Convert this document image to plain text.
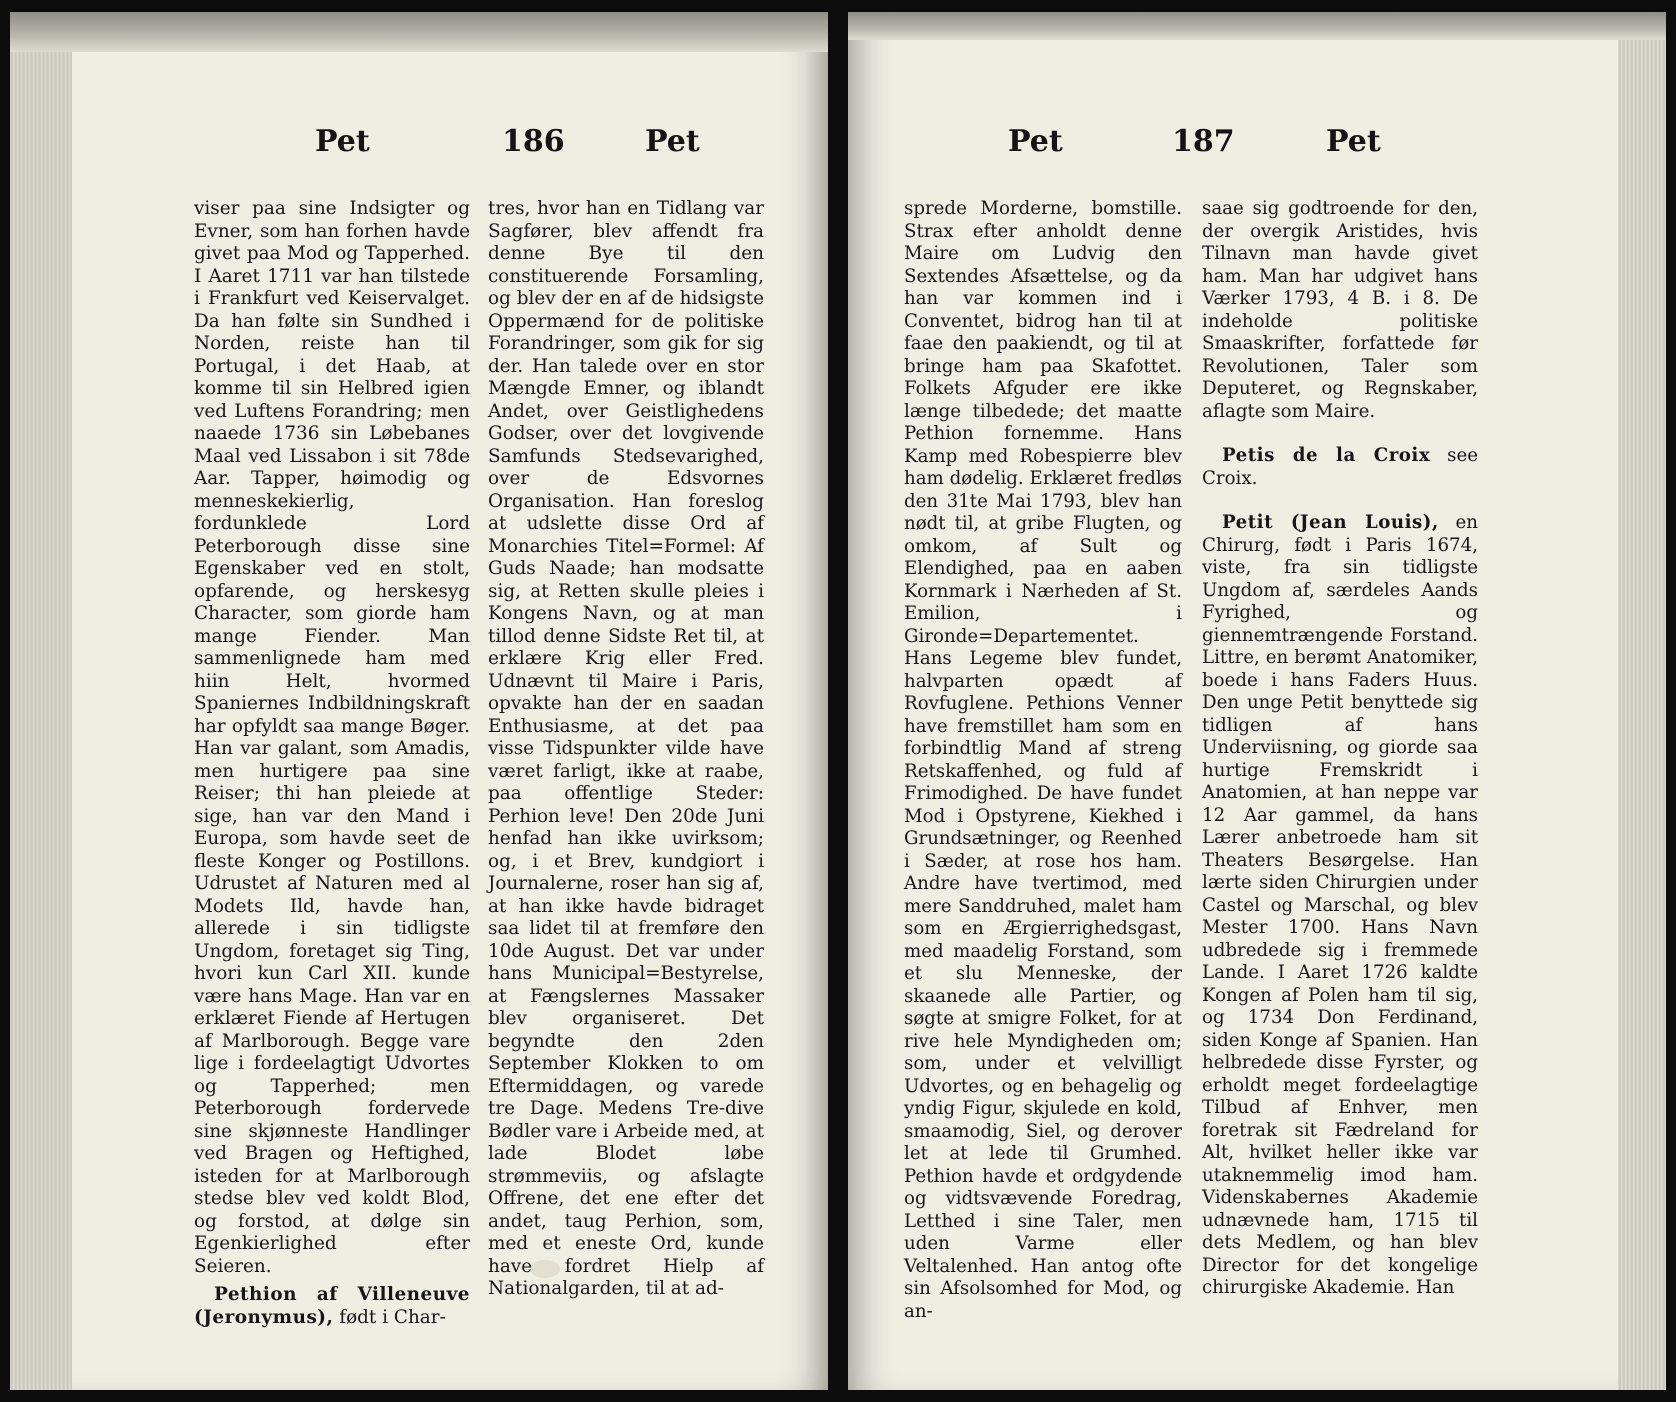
Pet	186	Pet

viser paa sine Indsigter og Evner, som han forhen havde givet paa Mod og Tapperhed. I Aaret 1711 var han tilstede i Frankfurt ved Keiservalget. Da han følte sin Sundhed i Norden, reiste han til Portugal, i det Haab, at komme til sin Helbred igien ved Luftens Forandring; men naaede 1736 sin Løbebanes Maal ved Lissabon i sit 78de Aar. Tapper, høimodig og menneskekierlig, fordunklede Lord Peterborough disse sine Egenskaber ved en stolt, opfarende, og herskesyg Character, som giorde ham mange Fiender. Man sammenlignede ham med hiin Helt, hvormed Spaniernes Indbildningskraft har opfyldt saa mange Bøger. Han var galant, som Amadis, men hurtigere paa sine Reiser; thi han pleiede at sige, han var den Mand i Europa, som havde seet de fleste Konger og Postillons. Udrustet af Naturen med al Modets Ild, havde han, allerede i sin tidligste Ungdom, foretaget sig Ting, hvori kun Carl XII. kunde være hans Mage. Han var en erklæret Fiende af Hertugen af Marlborough. Begge vare lige i fordeelagtigt Udvortes og Tapperhed; men Peterborough fordervede sine skjønneste Handlinger ved Bragen og Heftighed, isteden for at Marlborough stedse blev ved koldt Blod, og forstod, at dølge sin Egenkierlighed efter Seieren.

Pethion af Villeneuve (Jeronymus), født i Char-

tres, hvor han en Tidlang var Sagfører, blev affendt fra denne Bye til den constituerende Forsamling, og blev der en af de hidsigste Oppermænd for de politiske Forandringer, som gik for sig der. Han talede over en stor Mængde Emner, og iblandt Andet, over Geistlighedens Godser, over det lovgivende Samfunds Stedsevarighed, over de Edsvornes Organisation. Han foreslog at udslette disse Ord af Monarchies Titel=Formel: Af Guds Naade; han modsatte sig, at Retten skulle pleies i Kongens Navn, og at man tillod denne Sidste Ret til, at erklære Krig eller Fred. Udnævnt til Maire i Paris, opvakte han der en saadan Enthusiasme, at det paa visse Tidspunkter vilde have været farligt, ikke at raabe, paa offentlige Steder: Perhion leve! Den 20de Juni henfad han ikke uvirksom; og, i et Brev, kundgiort i Journalerne, roser han sig af, at han ikke havde bidraget saa lidet til at fremføre den 10de August. Det var under hans Municipal=Bestyrelse, at Fængslernes Massaker blev organiseret. Det begyndte den 2den September Klokken to om Eftermiddagen, og varede tre Dage. Medens Tre-dive Bødler vare i Arbeide med, at lade Blodet løbe strømmeviis, og afslagte Offrene, det ene efter det andet, taug Perhion, som, med et eneste Ord, kunde have fordret Hielp af Nationalgarden, til at ad-

Pet	187	Pet

sprede Morderne, bomstille. Strax efter anholdt denne Maire om Ludvig den Sextendes Afsættelse, og da han var kommen ind i Conventet, bidrog han til at faae den paakiendt, og til at bringe ham paa Skafottet. Folkets Afguder ere ikke længe tilbedede; det maatte Pethion fornemme. Hans Kamp med Robespierre blev ham dødelig. Erklæret fredløs den 31te Mai 1793, blev han nødt til, at gribe Flugten, og omkom, af Sult og Elendighed, paa en aaben Kornmark i Nærheden af St. Emilion, i Gironde=Departementet. Hans Legeme blev fundet, halvparten opædt af Rovfuglene. Pethions Venner have fremstillet ham som en forbindtlig Mand af streng Retskaffenhed, og fuld af Frimodighed. De have fundet Mod i Opstyrene, Kiekhed i Grundsætninger, og Reenhed i Sæder, at rose hos ham. Andre have tvertimod, med mere Sanddruhed, malet ham som en Ærgierrighedsgast, med maadelig Forstand, som et slu Menneske, der skaanede alle Partier, og søgte at smigre Folket, for at rive hele Myndigheden om; som, under et velvilligt Udvortes, og en behagelig og yndig Figur, skjulede en kold, smaamodig, Siel, og derover let at lede til Grumhed. Pethion havde et ordgydende og vidtsvævende Foredrag, Letthed i sine Taler, men uden Varme eller Veltalenhed. Han antog ofte sin Afsolsomhed for Mod, og an-

saae sig godtroende for den, der overgik Aristides, hvis Tilnavn man havde givet ham. Man har udgivet hans Værker 1793, 4 B. i 8. De indeholde politiske Smaaskrifter, forfattede før Revolutionen, Taler som Deputeret, og Regnskaber, aflagte som Maire.

Petis de la Croix see Croix.

Petit (Jean Louis), en Chirurg, født i Paris 1674, viste, fra sin tidligste Ungdom af, særdeles Aands Fyrighed, og giennemtrængende Forstand. Littre, en berømt Anatomiker, boede i hans Faders Huus. Den unge Petit benyttede sig tidligen af hans Underviisning, og giorde saa hurtige Fremskridt i Anatomien, at han neppe var 12 Aar gammel, da hans Lærer anbetroede ham sit Theaters Besørgelse. Han lærte siden Chirurgien under Castel og Marschal, og blev Mester 1700. Hans Navn udbredede sig i fremmede Lande. I Aaret 1726 kaldte Kongen af Polen ham til sig, og 1734 Don Ferdinand, siden Konge af Spanien. Han helbredede disse Fyrster, og erholdt meget fordeelagtige Tilbud af Enhver, men foretrak sit Fædreland for Alt, hvilket heller ikke var utaknemmelig imod ham. Videnskabernes Akademie udnævnede ham, 1715 til dets Medlem, og han blev Director for det kongelige chirurgiske Akademie. Han
